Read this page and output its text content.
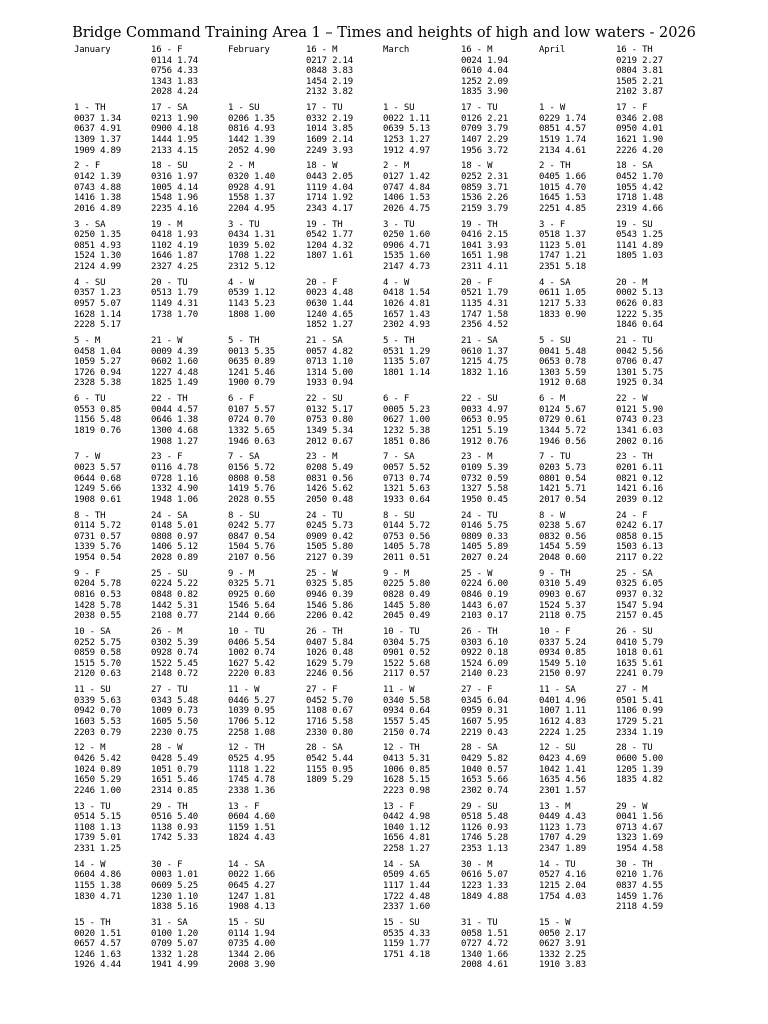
Bridge Command Training Area 1 – Times and heights of high and low waters - 2026
January
1 - TH
0037 1.34
0637 4.91
1309 1.37
1909 4.89
2 - F
0142 1.39
0743 4.88
1416 1.38
2016 4.89
3 - SA
0250 1.35
0851 4.93
1524 1.30
2124 4.99
4 - SU
0357 1.23
0957 5.07
1628 1.14
2228 5.17
5 - M
0458 1.04
1059 5.27
1726 0.94
2328 5.38
6 - TU
0553 0.85
1156 5.48
1819 0.76
7 - W
0023 5.57
0644 0.68
1249 5.66
1908 0.61
8 - TH
0114 5.72
0731 0.57
1339 5.76
1954 0.54
9 - F
0204 5.78
0816 0.53
1428 5.78
2038 0.55
10 - SA
0252 5.75
0859 0.58
1515 5.70
2120 0.63
11 - SU
0339 5.63
0942 0.70
1603 5.53
2203 0.79
12 - M
0426 5.42
1024 0.89
1650 5.29
2246 1.00
13 - TU
0514 5.15
1108 1.13
1739 5.01
2331 1.25
14 - W
0604 4.86
1155 1.38
1830 4.71
15 - TH
0020 1.51
0657 4.57
1246 1.63
1926 4.44
16 - F
0114 1.74
0756 4.33
1343 1.83
2028 4.24
17 - SA
0213 1.90
0900 4.18
1444 1.95
2133 4.15
18 - SU
0316 1.97
1005 4.14
1548 1.96
2235 4.16
19 - M
0418 1.93
1102 4.19
1646 1.87
2327 4.25
20 - TU
0513 1.79
1149 4.31
1738 1.70
21 - W
0009 4.39
0602 1.60
1227 4.48
1825 1.49
22 - TH
0044 4.57
0646 1.38
1300 4.68
1908 1.27
23 - F
0116 4.78
0728 1.16
1332 4.90
1948 1.06
24 - SA
0148 5.01
0808 0.97
1406 5.12
2028 0.89
25 - SU
0224 5.22
0848 0.82
1442 5.31
2108 0.77
26 - M
0302 5.39
0928 0.74
1522 5.45
2148 0.72
27 - TU
0343 5.48
1009 0.73
1605 5.50
2230 0.75
28 - W
0428 5.49
1051 0.79
1651 5.46
2314 0.85
29 - TH
0516 5.40
1138 0.93
1742 5.33
30 - F
0003 1.01
0609 5.25
1230 1.10
1838 5.16
31 - SA
0100 1.20
0709 5.07
1332 1.28
1941 4.99
February
1 - SU
0206 1.35
0816 4.93
1442 1.39
2052 4.90
2 - M
0320 1.40
0928 4.91
1558 1.37
2204 4.95
3 - TU
0434 1.31
1039 5.02
1708 1.22
2312 5.12
4 - W
0539 1.12
1143 5.23
1808 1.00
5 - TH
0013 5.35
0635 0.89
1241 5.46
1900 0.79
6 - F
0107 5.57
0724 0.70
1332 5.65
1946 0.63
7 - SA
0156 5.72
0808 0.58
1419 5.76
2028 0.55
8 - SU
0242 5.77
0847 0.54
1504 5.76
2107 0.56
9 - M
0325 5.71
0925 0.60
1546 5.64
2144 0.66
10 - TU
0406 5.54
1002 0.74
1627 5.42
2220 0.83
11 - W
0446 5.27
1039 0.95
1706 5.12
2258 1.08
12 - TH
0525 4.95
1118 1.22
1745 4.78
2338 1.36
13 - F
0604 4.60
1159 1.51
1824 4.43
14 - SA
0022 1.66
0645 4.27
1247 1.81
1908 4.13
15 - SU
0114 1.94
0735 4.00
1344 2.06
2008 3.90
16 - M
0217 2.14
0848 3.83
1454 2.19
2132 3.82
17 - TU
0332 2.19
1014 3.85
1609 2.14
2249 3.93
18 - W
0443 2.05
1119 4.04
1714 1.92
2343 4.17
19 - TH
0542 1.77
1204 4.32
1807 1.61
20 - F
0023 4.48
0630 1.44
1240 4.65
1852 1.27
21 - SA
0057 4.82
0713 1.10
1314 5.00
1933 0.94
22 - SU
0132 5.17
0753 0.80
1349 5.34
2012 0.67
23 - M
0208 5.49
0831 0.56
1426 5.62
2050 0.48
24 - TU
0245 5.73
0909 0.42
1505 5.80
2127 0.39
25 - W
0325 5.85
0946 0.39
1546 5.86
2206 0.42
26 - TH
0407 5.84
1026 0.48
1629 5.79
2246 0.56
27 - F
0452 5.70
1108 0.67
1716 5.58
2330 0.80
28 - SA
0542 5.44
1155 0.95
1809 5.29
March
1 - SU
0022 1.11
0639 5.13
1253 1.27
1912 4.97
2 - M
0127 1.42
0747 4.84
1406 1.53
2026 4.75
3 - TU
0250 1.60
0906 4.71
1535 1.60
2147 4.73
4 - W
0418 1.54
1026 4.81
1657 1.43
2302 4.93
5 - TH
0531 1.29
1135 5.07
1801 1.14
6 - F
0005 5.23
0627 1.00
1232 5.38
1851 0.86
7 - SA
0057 5.52
0713 0.74
1321 5.63
1933 0.64
8 - SU
0144 5.72
0753 0.56
1405 5.78
2011 0.51
9 - M
0225 5.80
0828 0.49
1445 5.80
2045 0.49
10 - TU
0304 5.75
0901 0.52
1522 5.68
2117 0.57
11 - W
0340 5.58
0934 0.64
1557 5.45
2150 0.74
12 - TH
0413 5.31
1006 0.85
1628 5.15
2223 0.98
13 - F
0442 4.98
1040 1.12
1656 4.81
2258 1.27
14 - SA
0509 4.65
1117 1.44
1722 4.48
2337 1.60
15 - SU
0535 4.33
1159 1.77
1751 4.18
16 - M
0024 1.94
0610 4.04
1252 2.09
1835 3.90
17 - TU
0126 2.21
0709 3.79
1407 2.29
1956 3.72
18 - W
0252 2.31
0859 3.71
1536 2.26
2159 3.79
19 - TH
0416 2.15
1041 3.93
1651 1.98
2311 4.11
20 - F
0521 1.79
1135 4.31
1747 1.58
2356 4.52
21 - SA
0610 1.37
1215 4.75
1832 1.16
22 - SU
0033 4.97
0653 0.95
1251 5.19
1912 0.76
23 - M
0109 5.39
0732 0.59
1327 5.58
1950 0.45
24 - TU
0146 5.75
0809 0.33
1405 5.89
2027 0.24
25 - W
0224 6.00
0846 0.19
1443 6.07
2103 0.17
26 - TH
0303 6.10
0922 0.18
1524 6.09
2140 0.23
27 - F
0345 6.04
0959 0.31
1607 5.95
2219 0.43
28 - SA
0429 5.82
1040 0.57
1653 5.66
2302 0.74
29 - SU
0518 5.48
1126 0.93
1746 5.28
2353 1.13
30 - M
0616 5.07
1223 1.33
1849 4.88
31 - TU
0058 1.51
0727 4.72
1340 1.66
2008 4.61
April
1 - W
0229 1.74
0851 4.57
1519 1.74
2134 4.61
2 - TH
0405 1.66
1015 4.70
1645 1.53
2251 4.85
3 - F
0518 1.37
1123 5.01
1747 1.21
2351 5.18
4 - SA
0611 1.05
1217 5.33
1833 0.90
5 - SU
0041 5.48
0653 0.78
1303 5.59
1912 0.68
6 - M
0124 5.67
0729 0.61
1344 5.72
1946 0.56
7 - TU
0203 5.73
0801 0.54
1421 5.71
2017 0.54
8 - W
0238 5.67
0832 0.56
1454 5.59
2048 0.60
9 - TH
0310 5.49
0903 0.67
1524 5.37
2118 0.75
10 - F
0337 5.24
0934 0.85
1549 5.10
2150 0.97
11 - SA
0401 4.96
1007 1.11
1612 4.83
2224 1.25
12 - SU
0423 4.69
1042 1.41
1635 4.56
2301 1.57
13 - M
0449 4.43
1123 1.73
1707 4.29
2347 1.89
14 - TU
0527 4.16
1215 2.04
1754 4.03
15 - W
0050 2.17
0627 3.91
1332 2.25
1910 3.83
16 - TH
0219 2.27
0804 3.81
1505 2.21
2102 3.87
17 - F
0346 2.08
0950 4.01
1621 1.90
2226 4.20
18 - SA
0452 1.70
1055 4.42
1718 1.48
2319 4.66
19 - SU
0543 1.25
1141 4.89
1805 1.03
20 - M
0002 5.13
0626 0.83
1222 5.35
1846 0.64
21 - TU
0042 5.56
0706 0.47
1301 5.75
1925 0.34
22 - W
0121 5.90
0743 0.23
1341 6.03
2002 0.16
23 - TH
0201 6.11
0821 0.12
1421 6.16
2039 0.12
24 - F
0242 6.17
0858 0.15
1503 6.13
2117 0.22
25 - SA
0325 6.05
0937 0.32
1547 5.94
2157 0.45
26 - SU
0410 5.79
1018 0.61
1635 5.61
2241 0.79
27 - M
0501 5.41
1106 0.99
1729 5.21
2334 1.19
28 - TU
0600 5.00
1205 1.39
1835 4.82
29 - W
0041 1.56
0713 4.67
1323 1.69
1954 4.58
30 - TH
0210 1.76
0837 4.55
1459 1.76
2118 4.59
